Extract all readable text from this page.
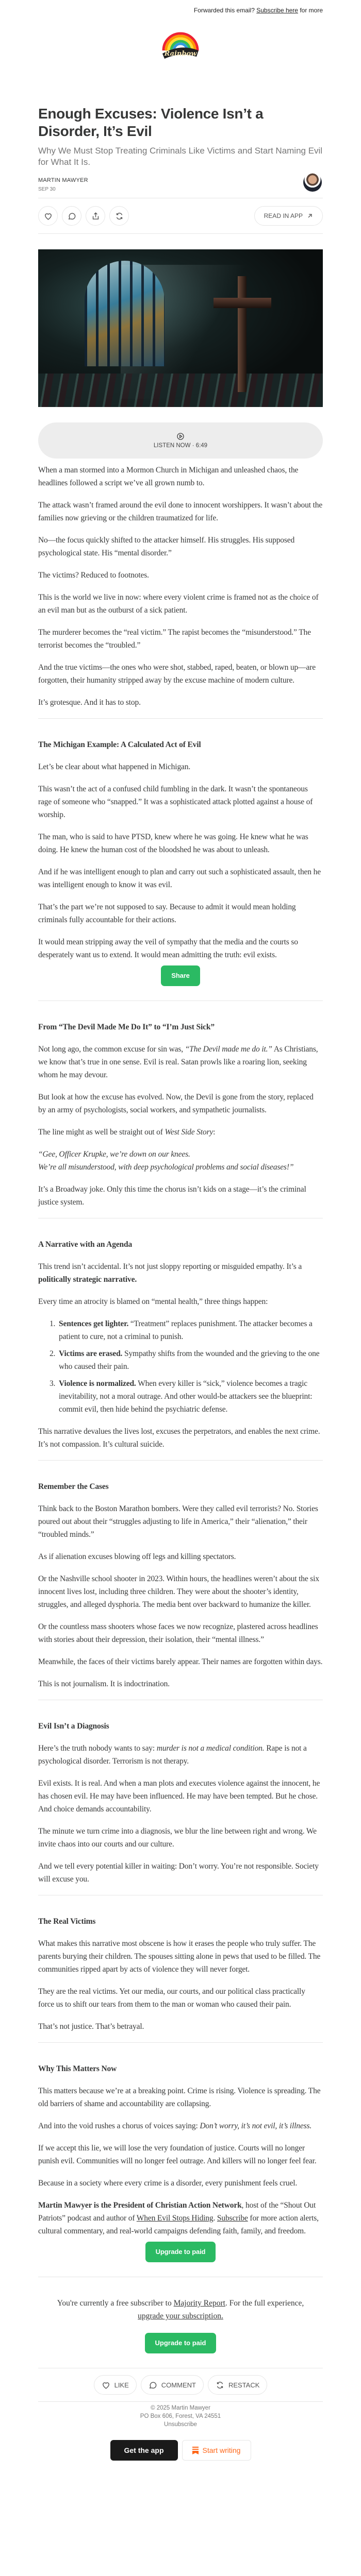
Forwarded this email? Subscribe here for more
Rainbow
Enough Excuses: Violence Isn’t a Disorder, It’s Evil
Why We Must Stop Treating Criminals Like Victims and Start Naming Evil for What It Is.
MARTIN MAWYER
SEP 30
READ IN APP
LISTEN NOW · 6:49

When a man stormed into a Mormon Church in Michigan and unleashed chaos, the headlines followed a script we’ve all grown numb to.

The attack wasn’t framed around the evil done to innocent worshippers. It wasn’t about the families now grieving or the children traumatized for life.

No—the focus quickly shifted to the attacker himself. His struggles. His supposed psychological state. His “mental disorder.”

The victims? Reduced to footnotes.

This is the world we live in now: where every violent crime is framed not as the choice of an evil man but as the outburst of a sick patient.

The murderer becomes the “real victim.” The rapist becomes the “misunderstood.” The terrorist becomes the “troubled.”

And the true victims—the ones who were shot, stabbed, raped, beaten, or blown up—are forgotten, their humanity stripped away by the excuse machine of modern culture.

It’s grotesque. And it has to stop.

The Michigan Example: A Calculated Act of Evil

Let’s be clear about what happened in Michigan.

This wasn’t the act of a confused child fumbling in the dark. It wasn’t the spontaneous rage of someone who “snapped.” It was a sophisticated attack plotted against a house of worship.

The man, who is said to have PTSD, knew where he was going. He knew what he was doing. He knew the human cost of the bloodshed he was about to unleash.

And if he was intelligent enough to plan and carry out such a sophisticated assault, then he was intelligent enough to know it was evil.

That’s the part we’re not supposed to say. Because to admit it would mean holding criminals fully accountable for their actions.

It would mean stripping away the veil of sympathy that the media and the courts so desperately want us to extend. It would mean admitting the truth: evil exists.

Share
From “The Devil Made Me Do It” to “I’m Just Sick”

Not long ago, the common excuse for sin was, “The Devil made me do it.” As Christians, we know that’s true in one sense. Evil is real. Satan prowls like a roaring lion, seeking whom he may devour.

But look at how the excuse has evolved. Now, the Devil is gone from the story, replaced by an army of psychologists, social workers, and sympathetic journalists.

The line might as well be straight out of West Side Story:

“Gee, Officer Krupke, we’re down on our knees.
We’re all misunderstood, with deep psychological problems and social diseases!”

It’s a Broadway joke. Only this time the chorus isn’t kids on a stage—it’s the criminal justice system.

A Narrative with an Agenda

This trend isn’t accidental. It’s not just sloppy reporting or misguided empathy. It’s a politically strategic narrative.

Every time an atrocity is blamed on “mental health,” three things happen:

1. Sentences get lighter. “Treatment” replaces punishment. The attacker becomes a patient to cure, not a criminal to punish.
2. Victims are erased. Sympathy shifts from the wounded and the grieving to the one who caused their pain.
3. Violence is normalized. When every killer is “sick,” violence becomes a tragic inevitability, not a moral outrage. And other would-be attackers see the blueprint: commit evil, then hide behind the psychiatric defense.

This narrative devalues the lives lost, excuses the perpetrators, and enables the next crime. It’s not compassion. It’s cultural suicide.

Remember the Cases

Think back to the Boston Marathon bombers. Were they called evil terrorists? No. Stories poured out about their “struggles adjusting to life in America,” their “alienation,” their “troubled minds.”

As if alienation excuses blowing off legs and killing spectators.

Or the Nashville school shooter in 2023. Within hours, the headlines weren’t about the six innocent lives lost, including three children. They were about the shooter’s identity, struggles, and alleged dysphoria. The media bent over backward to humanize the killer.

Or the countless mass shooters whose faces we now recognize, plastered across headlines with stories about their depression, their isolation, their “mental illness.”

Meanwhile, the faces of their victims barely appear. Their names are forgotten within days.

This is not journalism. It is indoctrination.

Evil Isn’t a Diagnosis

Here’s the truth nobody wants to say: murder is not a medical condition. Rape is not a psychological disorder. Terrorism is not therapy.

Evil exists. It is real. And when a man plots and executes violence against the innocent, he has chosen evil. He may have been influenced. He may have been tempted. But he chose. And choice demands accountability.

The minute we turn crime into a diagnosis, we blur the line between right and wrong. We invite chaos into our courts and our culture.

And we tell every potential killer in waiting: Don’t worry. You’re not responsible. Society will excuse you.

The Real Victims

What makes this narrative most obscene is how it erases the people who truly suffer. The parents burying their children. The spouses sitting alone in pews that used to be filled. The communities ripped apart by acts of violence they will never forget.

They are the real victims. Yet our media, our courts, and our political class practically force us to shift our tears from them to the man or woman who caused their pain.

That’s not justice. That’s betrayal.

Why This Matters Now

This matters because we’re at a breaking point. Crime is rising. Violence is spreading. The old barriers of shame and accountability are collapsing.

And into the void rushes a chorus of voices saying: Don’t worry, it’s not evil, it’s illness.

If we accept this lie, we will lose the very foundation of justice. Courts will no longer punish evil. Communities will no longer feel outrage. And killers will no longer feel fear.

Because in a society where every crime is a disorder, every punishment feels cruel.

Martin Mawyer is the President of Christian Action Network, host of the “Shout Out Patriots” podcast and author of When Evil Stops Hiding. Subscribe for more action alerts, cultural commentary, and real-world campaigns defending faith, family, and freedom.

Upgrade to paid
You're currently a free subscriber to Majority Report. For the full experience,
upgrade your subscription.
Upgrade to paid
LIKE	COMMENT	RESTACK
© 2025 Martin Mawyer
PO Box 606, Forest, VA 24551
Unsubscribe
Get the app	Start writing
